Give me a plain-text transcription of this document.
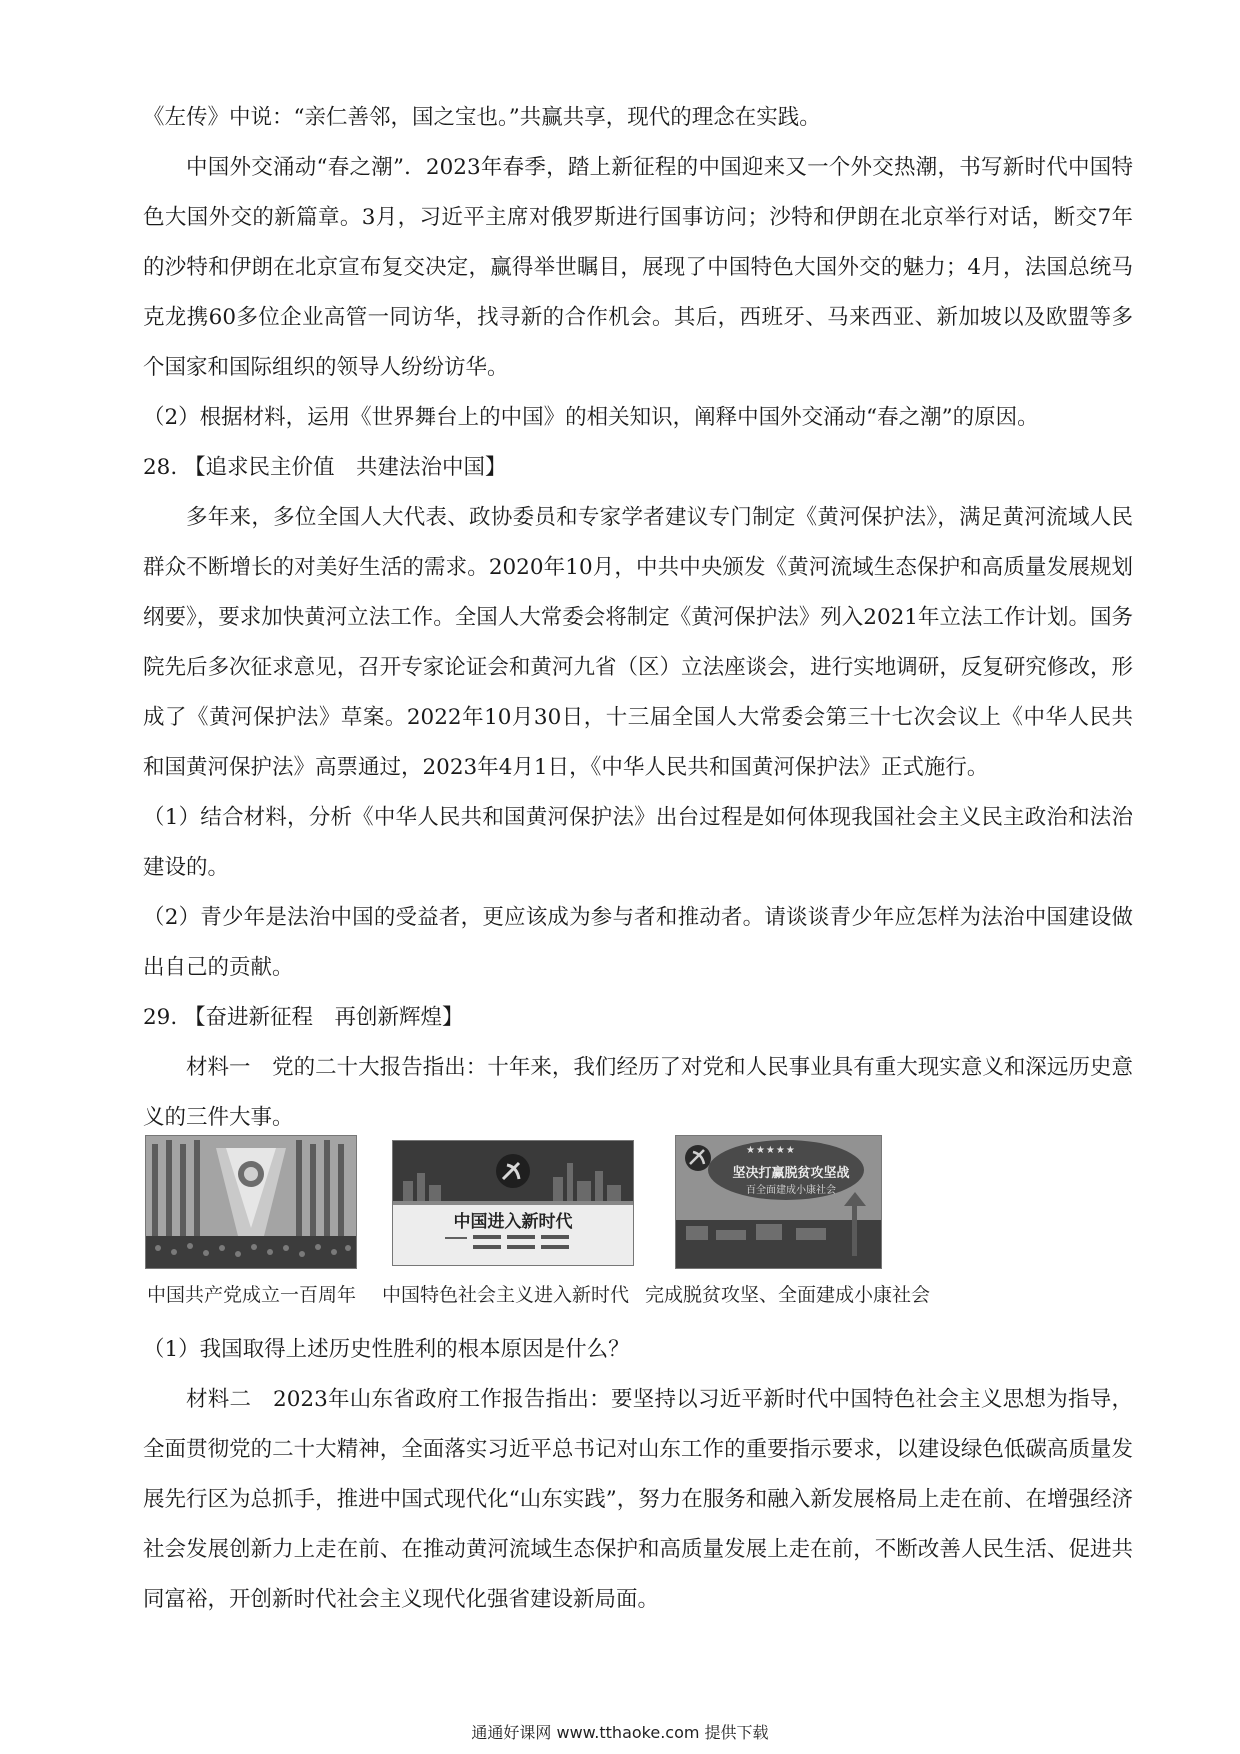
《左传》中说：“亲仁善邻，国之宝也。”共赢共享，现代的理念在实践。

中国外交涌动“春之潮”．2023年春季，踏上新征程的中国迎来又一个外交热潮，书写新时代中国特色大国外交的新篇章。3月，习近平主席对俄罗斯进行国事访问；沙特和伊朗在北京举行对话，断交7年的沙特和伊朗在北京宣布复交决定，赢得举世瞩目，展现了中国特色大国外交的魅力；4月，法国总统马克龙携60多位企业高管一同访华，找寻新的合作机会。其后，西班牙、马来西亚、新加坡以及欧盟等多个国家和国际组织的领导人纷纷访华。

（2）根据材料，运用《世界舞台上的中国》的相关知识，阐释中国外交涌动“春之潮”的原因。

28. 【追求民主价值　共建法治中国】

多年来，多位全国人大代表、政协委员和专家学者建议专门制定《黄河保护法》，满足黄河流域人民群众不断增长的对美好生活的需求。2020年10月，中共中央颁发《黄河流域生态保护和高质量发展规划纲要》，要求加快黄河立法工作。全国人大常委会将制定《黄河保护法》列入2021年立法工作计划。国务院先后多次征求意见，召开专家论证会和黄河九省（区）立法座谈会，进行实地调研，反复研究修改，形成了《黄河保护法》草案。2022年10月30日，十三届全国人大常委会第三十七次会议上《中华人民共和国黄河保护法》高票通过，2023年4月1日，《中华人民共和国黄河保护法》正式施行。

（1）结合材料，分析《中华人民共和国黄河保护法》出台过程是如何体现我国社会主义民主政治和法治建设的。

（2）青少年是法治中国的受益者，更应该成为参与者和推动者。请谈谈青少年应怎样为法治中国建设做出自己的贡献。

29. 【奋进新征程　再创新辉煌】

材料一　党的二十大报告指出：十年来，我们经历了对党和人民事业具有重大现实意义和深远历史意义的三件大事。

中国共产党成立一百周年
中国进入新时代
中国特色社会主义进入新时代
★★★★★
坚决打赢脱贫攻坚战
百全面建成小康社会
完成脱贫攻坚、全面建成小康社会

（1）我国取得上述历史性胜利的根本原因是什么？

材料二　2023年山东省政府工作报告指出：要坚持以习近平新时代中国特色社会主义思想为指导，全面贯彻党的二十大精神，全面落实习近平总书记对山东工作的重要指示要求，以建设绿色低碳高质量发展先行区为总抓手，推进中国式现代化“山东实践”，努力在服务和融入新发展格局上走在前、在增强经济社会发展创新力上走在前、在推动黄河流域生态保护和高质量发展上走在前，不断改善人民生活、促进共同富裕，开创新时代社会主义现代化强省建设新局面。

通通好课网 www.tthaoke.com 提供下载
